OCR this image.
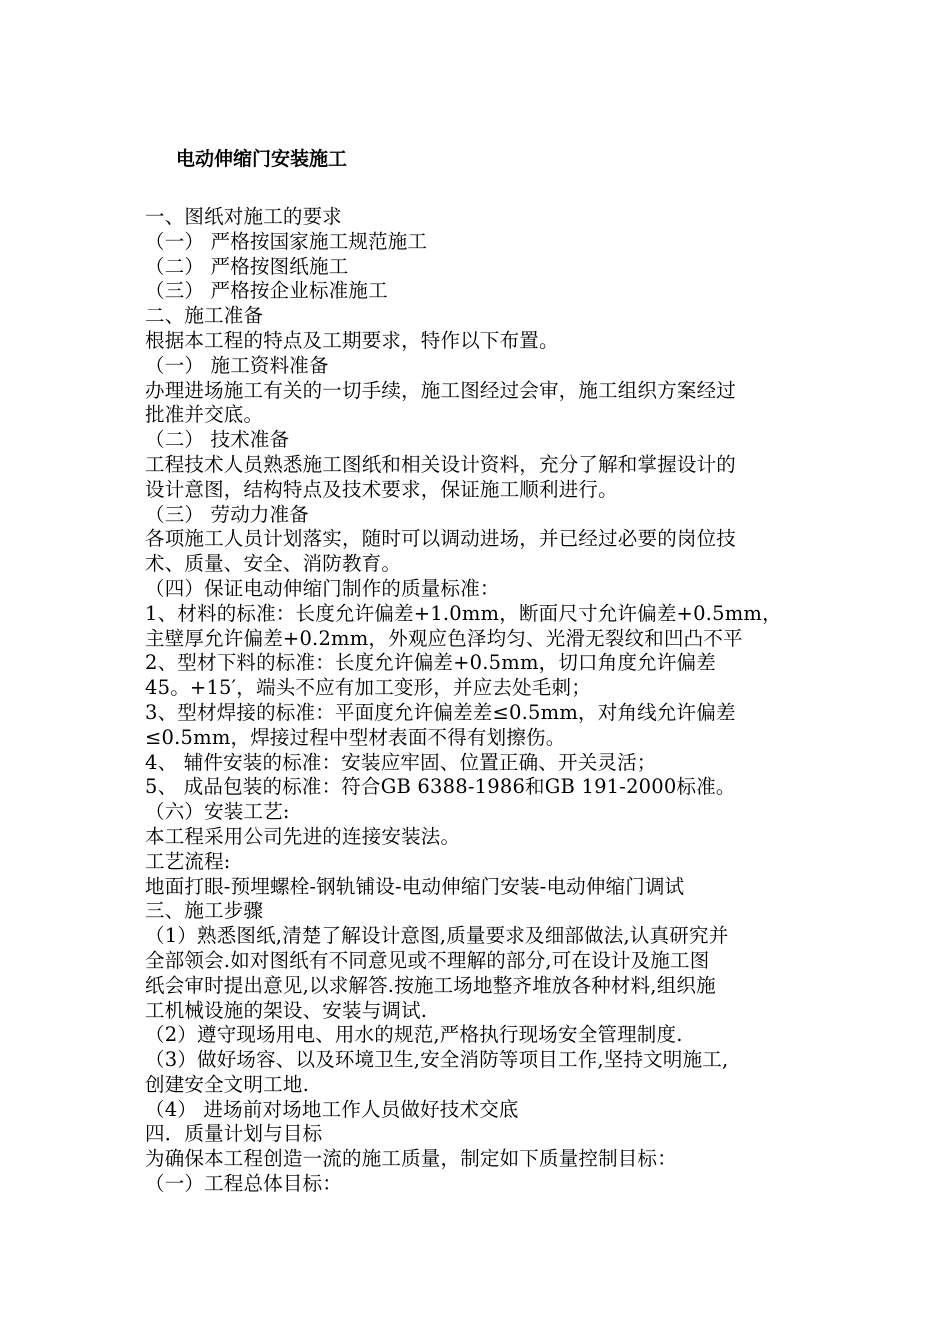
电动伸缩门安装施工
一、图纸对施工的要求
（一） 严格按国家施工规范施工
（二） 严格按图纸施工
（三） 严格按企业标准施工
二、施工准备
根据本工程的特点及工期要求，特作以下布置。
（一） 施工资料准备
办理进场施工有关的一切手续，施工图经过会审，施工组织方案经过
批准并交底。
（二） 技术准备
工程技术人员熟悉施工图纸和相关设计资料，充分了解和掌握设计的
设计意图，结构特点及技术要求，保证施工顺利进行。
（三） 劳动力准备
各项施工人员计划落实，随时可以调动进场，并已经过必要的岗位技
术、质量、安全、消防教育。
（四）保证电动伸缩门制作的质量标准：
1、材料的标准：长度允许偏差+1.0mm，断面尺寸允许偏差+0.5mm，
主壁厚允许偏差+0.2mm，外观应色泽均匀、光滑无裂纹和凹凸不平
2、型材下料的标准：长度允许偏差+0.5mm，切口角度允许偏差
45。+15′，端头不应有加工变形，并应去处毛刺；
3、型材焊接的标准：平面度允许偏差差≤0.5mm，对角线允许偏差
≤0.5mm，焊接过程中型材表面不得有划擦伤。
4、 辅件安装的标准：安装应牢固、位置正确、开关灵活；
5、 成品包装的标准：符合GB 6388-1986和GB 191-2000标准。
（六）安装工艺:
本工程采用公司先进的连接安装法。
工艺流程:
地面打眼-预埋螺栓-钢轨铺设-电动伸缩门安装-电动伸缩门调试
三、施工步骤
（1）熟悉图纸,清楚了解设计意图,质量要求及细部做法,认真研究并
全部领会.如对图纸有不同意见或不理解的部分,可在设计及施工图
纸会审时提出意见,以求解答.按施工场地整齐堆放各种材料,组织施
工机械设施的架设、安装与调试.
（2）遵守现场用电、用水的规范,严格执行现场安全管理制度.
（3）做好场容、以及环境卫生,安全消防等项目工作,坚持文明施工,
创建安全文明工地.
（4） 进场前对场地工作人员做好技术交底
四．质量计划与目标
为确保本工程创造一流的施工质量，制定如下质量控制目标：
（一）工程总体目标：
